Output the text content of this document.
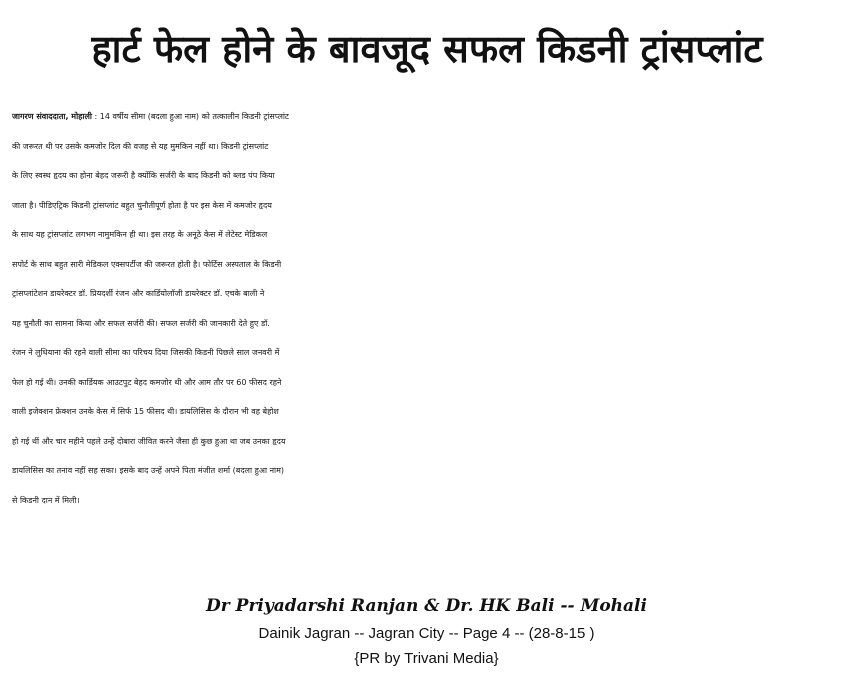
हार्ट फेल होने के बावजूद सफल किडनी ट्रांसप्लांट
जागरण संवाददाता, मोहाली : 14 वर्षीय सीमा (बदला हुआ नाम) को तत्कालीन किडनी ट्रांसप्लांट
की जरूरत थी पर उसके कमजोर दिल की वजह से यह मुमकिन नहीं था। किडनी ट्रांसप्लांट
के लिए स्वस्थ हृदय का होना बेहद जरूरी है क्योंकि सर्जरी के बाद किडनी को ब्लड पंप किया
जाता है। पीडिएट्रिक किडनी ट्रांसप्लांट बहुत चुनौतीपूर्ण होता है पर इस केस में कमजोर हृदय
के साथ यह ट्रांसप्लांट लगभग नामुमकिन ही था। इस तरह के अनूठे केस में लेटेस्ट मेडिकल
सपोर्ट के साथ बहुत सारी मेडिकल एक्सपर्टीज की जरूरत होती है। फोर्टिस अस्पताल के किडनी
ट्रांसप्लांटेशन डायरेक्टर डॉ. प्रियदर्शी रंजन और कार्डियोलॉजी डायरेक्टर डॉ. एचके बाली ने
यह चुनौती का सामना किया और सफल सर्जरी की। सफल सर्जरी की जानकारी देते हुए डॉ.
रंजन ने लुधियाना की रहने वाली सीमा का परिचय दिया जिसकी किडनी पिछले साल जनवरी में
फेल हो गई थी। उनकी कार्डियक आउटपुट बेहद कमजोर थी और आम तौर पर 60 फीसद रहने
वाली इजेक्शन फ्रेक्शन उनके केस में सिर्फ 15 फीसद थी। डायलिसिस के दौरान भी वह बेहोश
हो गई थीं और चार महीने पहले उन्हें दोबारा जीवित करने जैसा ही कुछ हुआ था जब उनका हृदय
डायलिसिस का तनाव नहीं सह सका। इसके बाद उन्हें अपने पिता मंजीत शर्मा (बदला हुआ नाम)
से किडनी दान में मिली।
Dr Priyadarshi Ranjan & Dr. HK Bali -- Mohali
Dainik Jagran -- Jagran City -- Page 4 -- (28-8-15 )
{PR by Trivani Media}
